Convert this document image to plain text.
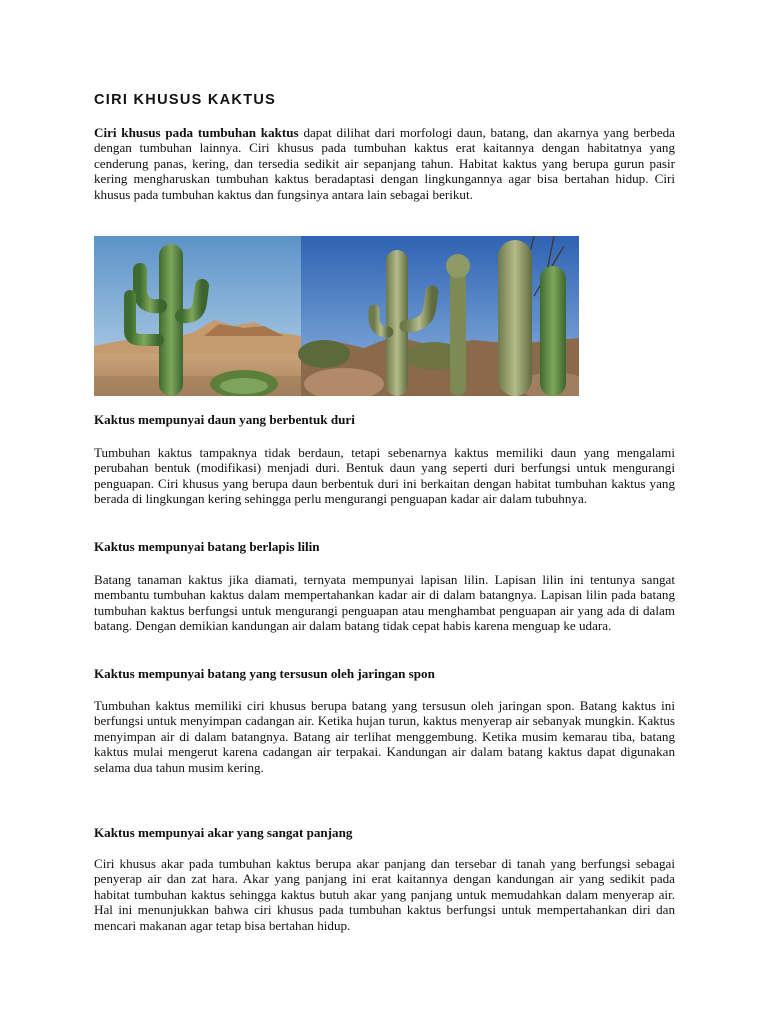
CIRI KHUSUS KAKTUS

Ciri khusus pada tumbuhan kaktus dapat dilihat dari morfologi daun, batang, dan akarnya yang berbeda dengan tumbuhan lainnya. Ciri khusus pada tumbuhan kaktus erat kaitannya dengan habitatnya yang cenderung panas, kering, dan tersedia sedikit air sepanjang tahun. Habitat kaktus yang berupa gurun pasir kering mengharuskan tumbuhan kaktus beradaptasi dengan lingkungannya agar bisa bertahan hidup. Ciri khusus pada tumbuhan kaktus dan fungsinya antara lain sebagai berikut.

Kaktus mempunyai daun yang berbentuk duri

Tumbuhan kaktus tampaknya tidak berdaun, tetapi sebenarnya kaktus memiliki daun yang mengalami perubahan bentuk (modifikasi) menjadi duri. Bentuk daun yang seperti duri berfungsi untuk mengurangi penguapan. Ciri khusus yang berupa daun berbentuk duri ini berkaitan dengan habitat tumbuhan kaktus yang berada di lingkungan kering sehingga perlu mengurangi penguapan kadar air dalam tubuhnya.

Kaktus mempunyai batang berlapis lilin

Batang tanaman kaktus jika diamati, ternyata mempunyai lapisan lilin. Lapisan lilin ini tentunya sangat membantu tumbuhan kaktus dalam mempertahankan kadar air di dalam batangnya. Lapisan lilin pada batang tumbuhan kaktus berfungsi untuk mengurangi penguapan atau menghambat penguapan air yang ada di dalam batang. Dengan demikian kandungan air dalam batang tidak cepat habis karena menguap ke udara.

Kaktus mempunyai batang yang tersusun oleh jaringan spon

Tumbuhan kaktus memiliki ciri khusus berupa batang yang tersusun oleh jaringan spon. Batang kaktus ini berfungsi untuk menyimpan cadangan air. Ketika hujan turun, kaktus menyerap air sebanyak mungkin. Kaktus menyimpan air di dalam batangnya. Batang air terlihat menggembung. Ketika musim kemarau tiba, batang kaktus mulai mengerut karena cadangan air terpakai. Kandungan air dalam batang kaktus dapat digunakan selama dua tahun musim kering.

Kaktus mempunyai akar yang sangat panjang

Ciri khusus akar pada tumbuhan kaktus berupa akar panjang dan tersebar di tanah yang berfungsi sebagai penyerap air dan zat hara. Akar yang panjang ini erat kaitannya dengan kandungan air yang sedikit pada habitat tumbuhan kaktus sehingga kaktus butuh akar yang panjang untuk memudahkan dalam menyerap air. Hal ini menunjukkan bahwa ciri khusus pada tumbuhan kaktus berfungsi untuk mempertahankan diri dan mencari makanan agar tetap bisa bertahan hidup.
